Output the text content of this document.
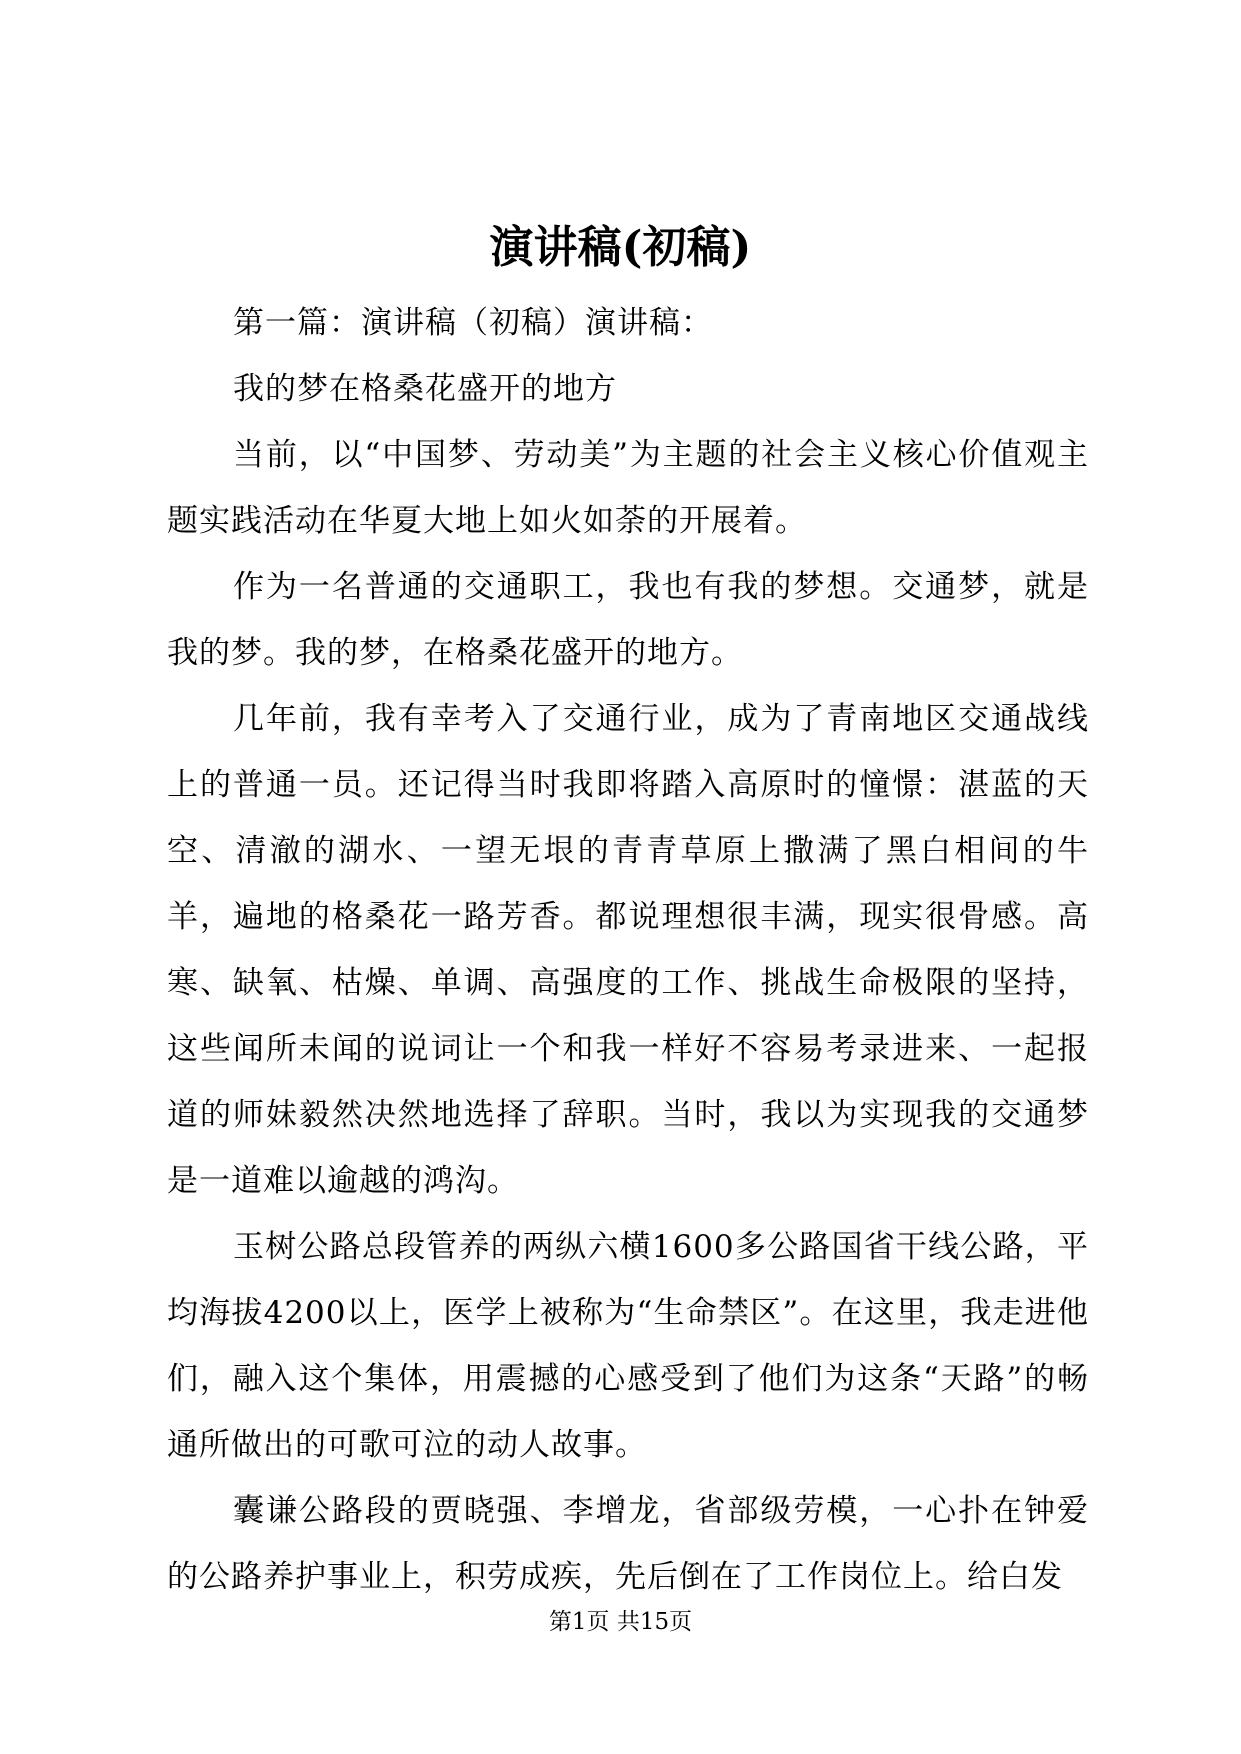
演讲稿(初稿)

第一篇：演讲稿（初稿）演讲稿：

我的梦在格桑花盛开的地方

当前，以“中国梦、劳动美”为主题的社会主义核心价值观主题实践活动在华夏大地上如火如荼的开展着。

作为一名普通的交通职工，我也有我的梦想。交通梦，就是我的梦。我的梦，在格桑花盛开的地方。

几年前，我有幸考入了交通行业，成为了青南地区交通战线上的普通一员。还记得当时我即将踏入高原时的憧憬：湛蓝的天空、清澈的湖水、一望无垠的青青草原上撒满了黑白相间的牛羊，遍地的格桑花一路芳香。都说理想很丰满，现实很骨感。高寒、缺氧、枯燥、单调、高强度的工作、挑战生命极限的坚持，这些闻所未闻的说词让一个和我一样好不容易考录进来、一起报道的师妹毅然决然地选择了辞职。当时，我以为实现我的交通梦是一道难以逾越的鸿沟。

玉树公路总段管养的两纵六横1600多公路国省干线公路，平均海拔4200以上，医学上被称为“生命禁区”。在这里，我走进他们，融入这个集体，用震撼的心感受到了他们为这条“天路”的畅通所做出的可歌可泣的动人故事。

囊谦公路段的贾晓强、李增龙，省部级劳模，一心扑在钟爱的公路养护事业上，积劳成疾，先后倒在了工作岗位上。给白发

第1页 共15页
